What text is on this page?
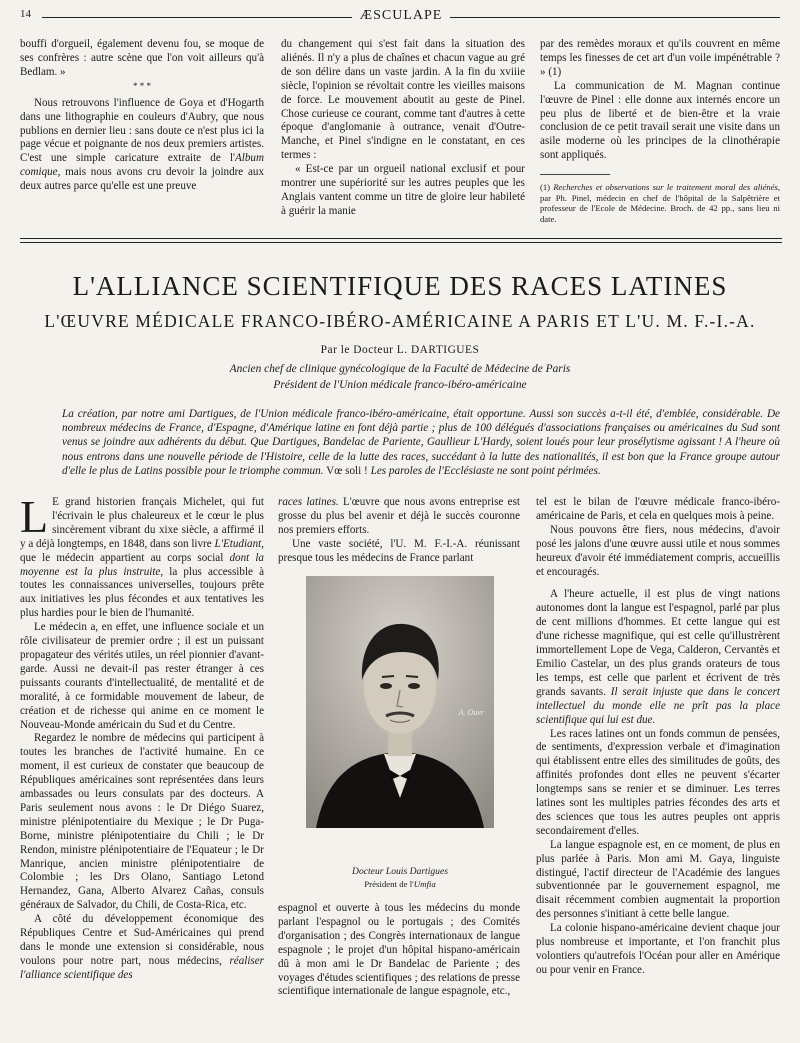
14	ÆSCULAPE

bouffi d'orgueil, également devenu fou, se moque de ses confrères : autre scène que l'on voit ailleurs qu'à Bedlam. »

* * *

Nous retrouvons l'influence de Goya et d'Hogarth dans une lithographie en couleurs d'Aubry, que nous publions en dernier lieu : sans doute ce n'est plus ici la page vécue et poignante de nos deux premiers artistes. C'est une simple caricature extraite de l'Album comique, mais nous avons cru devoir la joindre aux deux autres parce qu'elle est une preuve

du changement qui s'est fait dans la situation des aliénés. Il n'y a plus de chaînes et chacun vague au gré de son délire dans un vaste jardin. A la fin du xviiie siècle, l'opinion se révoltait contre les vieilles maisons de force. Le mouvement aboutit au geste de Pinel. Chose curieuse ce courant, comme tant d'autres à cette époque d'anglomanie à outrance, venait d'Outre-Manche, et Pinel s'indigne en le constatant, en ces termes :

« Est-ce par un orgueil national exclusif et pour montrer une supériorité sur les autres peuples que les Anglais vantent comme un titre de gloire leur habileté à guérir la manie

par des remèdes moraux et qu'ils couvrent en même temps les finesses de cet art d'un voile impénétrable ? » (1)

La communication de M. Magnan continue l'œuvre de Pinel : elle donne aux internés encore un peu plus de liberté et de bien-être et la vraie conclusion de ce petit travail serait une visite dans un asile moderne où les principes de la clinothérapie sont appliqués.

(1) Recherches et observations sur le traitement moral des aliénés, par Ph. Pinel, médecin en chef de l'hôpital de la Salpêtrière et professeur de l'Ecole de Médecine. Broch. de 42 pp., sans lieu ni date.
L'ALLIANCE SCIENTIFIQUE DES RACES LATINES
L'ŒUVRE MÉDICALE FRANCO-IBÉRO-AMÉRICAINE A PARIS ET L'U. M. F.-I.-A.
Par le Docteur L. DARTIGUES
Ancien chef de clinique gynécologique de la Faculté de Médecine de Paris
Président de l'Union médicale franco-ibéro-américaine
La création, par notre ami Dartigues, de l'Union médicale franco-ibéro-américaine, était opportune. Aussi son succès a-t-il été, d'emblée, considérable. De nombreux médecins de France, d'Espagne, d'Amérique latine en font déjà partie ; plus de 100 délégués d'associations françaises ou américaines du Sud sont venus se joindre aux adhérents du début. Que Dartigues, Bandelac de Pariente, Gaullieur L'Hardy, soient loués pour leur prosélytisme agissant ! A l'heure où nous entrons dans une nouvelle période de l'Histoire, celle de la lutte des races, succédant à la lutte des nationalités, il est bon que la France groupe autour d'elle le plus de Latins possible pour le triomphe commun. Vœ soli ! Les paroles de l'Ecclésiaste ne sont point périmées.

L E grand historien français Michelet, qui fut l'écrivain le plus chaleureux et le cœur le plus sincèrement vibrant du xixe siècle, a affirmé il y a déjà longtemps, en 1848, dans son livre L'Etudiant, que le médecin appartient au corps social dont la moyenne est la plus instruite, la plus accessible à toutes les connaissances universelles, toujours prête aux initiatives les plus fécondes et aux tentatives les plus hardies pour le bien de l'humanité.

Le médecin a, en effet, une influence sociale et un rôle civilisateur de premier ordre ; il est un puissant propagateur des vérités utiles, un réel pionnier d'avant-garde. Aussi ne devait-il pas rester étranger à ces puissants courants d'intellectualité, de mentalité et de moralité, à ce formidable mouvement de labeur, de création et de richesse qui anime en ce moment le Nouveau-Monde américain du Sud et du Centre.

Regardez le nombre de médecins qui participent à toutes les branches de l'activité humaine. En ce moment, il est curieux de constater que beaucoup de Républiques américaines sont représentées dans leurs ambassades ou leurs consulats par des docteurs. A Paris seulement nous avons : le Dr Diégo Suarez, ministre plénipotentiaire du Mexique ; le Dr Puga-Borne, ministre plénipotentiaire du Chili ; le Dr Rendon, ministre plénipotentiaire de l'Equateur ; le Dr Manrique, ancien ministre plénipotentiaire de Colombie ; les Drs Olano, Santiago Letond Hernandez, Gana, Alberto Alvarez Cañas, consuls généraux de Salvador, du Chili, de Costa-Rica, etc.

A côté du développement économique des Républiques Centre et Sud-Américaines qui prend dans le monde une extension si considérable, nous voulons pour notre part, nous médecins, réaliser l'alliance scientifique des

races latines. L'œuvre que nous avons entreprise est grosse du plus bel avenir et déjà le succès couronne nos premiers efforts.

Une vaste société, l'U. M. F.-I.-A. réunissant presque tous les médecins de France parlant

A. Ouvr
Docteur Louis Dartigues
Président de l'Umfia

espagnol et ouverte à tous les médecins du monde parlant l'espagnol ou le portugais ; des Comités d'organisation ; des Congrès internationaux de langue espagnole ; le projet d'un hôpital hispano-américain dû à mon ami le Dr Bandelac de Pariente ; des voyages d'études scientifiques ; des relations de presse scientifique internationale de langue espagnole, etc.,

tel est le bilan de l'œuvre médicale franco-ibéro-américaine de Paris, et cela en quelques mois à peine.

Nous pouvons être fiers, nous médecins, d'avoir posé les jalons d'une œuvre aussi utile et nous sommes heureux d'avoir été immédiatement compris, accueillis et encouragés.

A l'heure actuelle, il est plus de vingt nations autonomes dont la langue est l'espagnol, parlé par plus de cent millions d'hommes. Et cette langue qui est d'une richesse magnifique, qui est celle qu'illustrèrent immortellement Lope de Vega, Calderon, Cervantès et Emilio Castelar, un des plus grands orateurs de tous les temps, est celle que parlent et écrivent de très grands savants. Il serait injuste que dans le concert intellectuel du monde elle ne prît pas la place scientifique qui lui est due.

Les races latines ont un fonds commun de pensées, de sentiments, d'expression verbale et d'imagination qui établissent entre elles des similitudes de goûts, des affinités profondes dont elles ne peuvent s'écarter longtemps sans se renier et se diminuer. Les terres latines sont les multiples patries fécondes des arts et des sciences que tous les autres peuples ont appris secondairement d'elles.

La langue espagnole est, en ce moment, de plus en plus parlée à Paris. Mon ami M. Gaya, linguiste distingué, l'actif directeur de l'Académie des langues subventionnée par le gouvernement espagnol, me disait récemment combien augmentait la proportion des personnes s'initiant à cette belle langue.

La colonie hispano-américaine devient chaque jour plus nombreuse et importante, et l'on franchit plus volontiers qu'autrefois l'Océan pour aller en Amérique ou pour venir en France.
